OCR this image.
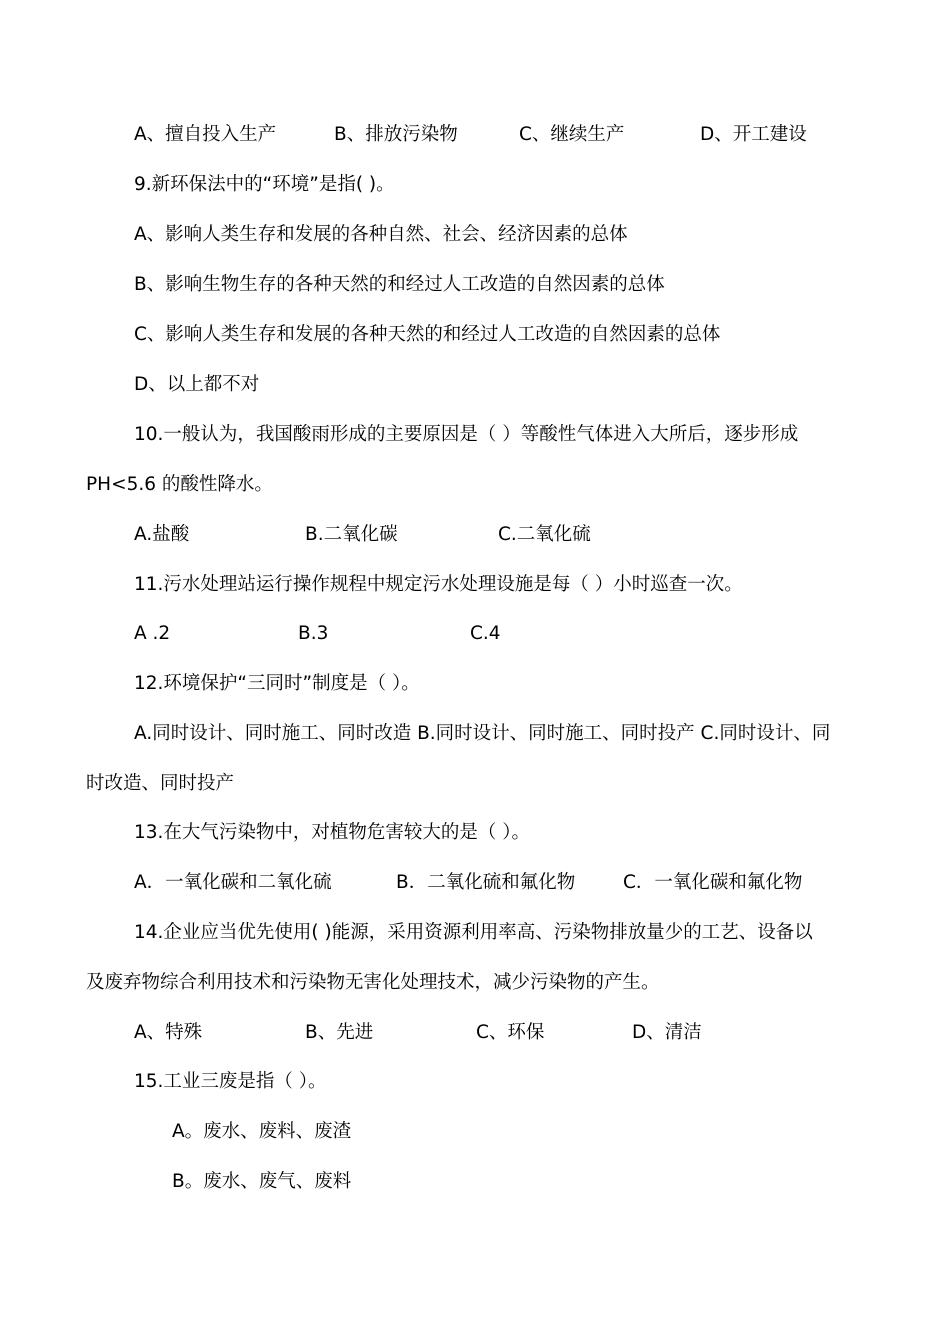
A、擅自投入生产	B、排放污染物	C、继续生产	D、开工建设
9.新环保法中的“环境”是指( )。
A、影响人类生存和发展的各种自然、社会、经济因素的总体
B、影响生物生存的各种天然的和经过人工改造的自然因素的总体
C、影响人类生存和发展的各种天然的和经过人工改造的自然因素的总体
D、以上都不对
10.一般认为，我国酸雨形成的主要原因是（ ）等酸性气体进入大所后，逐步形成
PH<5.6 的酸性降水。
A.盐酸	B.二氧化碳	C.二氧化硫
11.污水处理站运行操作规程中规定污水处理设施是每（ ）小时巡查一次。
A .2	B.3	C.4
12.环境保护“三同时”制度是（ ）。
A.同时设计、同时施工、同时改造 B.同时设计、同时施工、同时投产 C.同时设计、同
时改造、同时投产
13.在大气污染物中，对植物危害较大的是（ ）。
A．一氧化碳和二氧化硫	B．二氧化硫和氟化物	C．一氧化碳和氟化物
14.企业应当优先使用( )能源，采用资源利用率高、污染物排放量少的工艺、设备以
及废弃物综合利用技术和污染物无害化处理技术，减少污染物的产生。
A、特殊	B、先进	C、环保	D、清洁
15.工业三废是指（ ）。
A。废水、废料、废渣
B。废水、废气、废料
